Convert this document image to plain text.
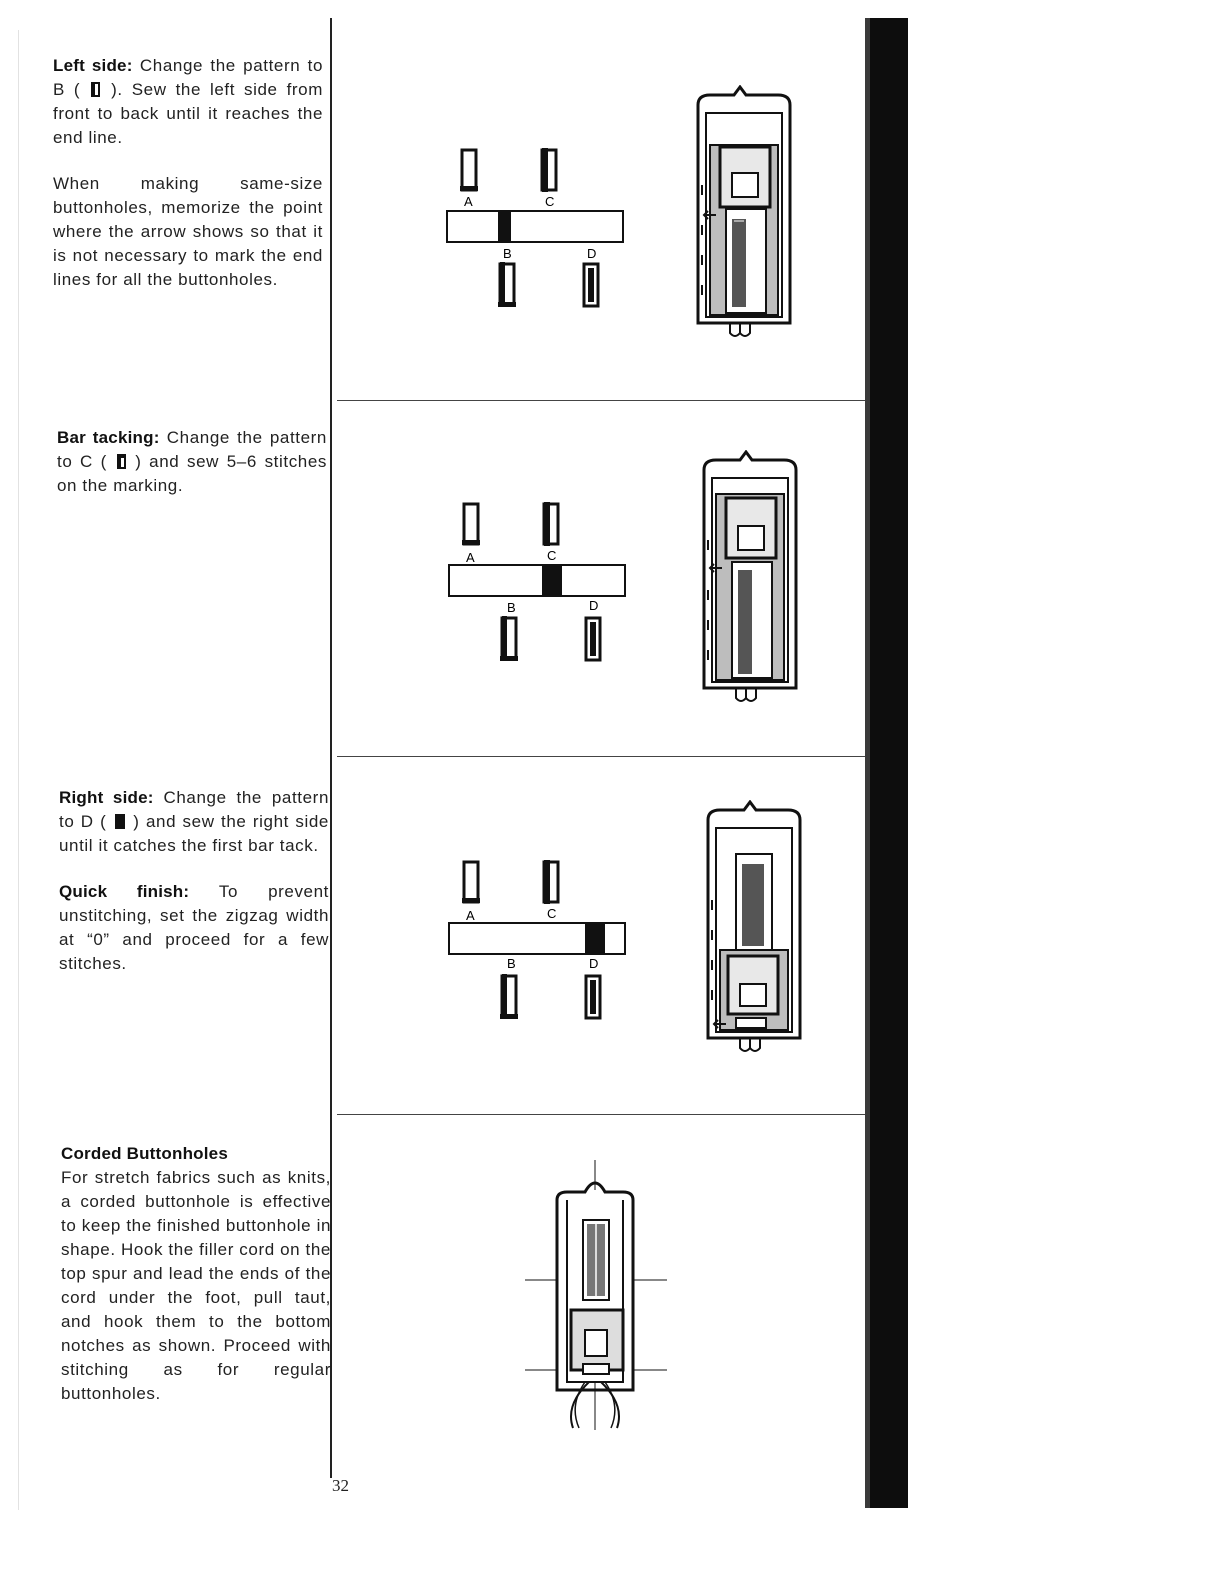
Left side: Change the pattern to B ( ). Sew the left side from front to back until it reaches the end line.

When making same-size buttonholes, memorize the point where the arrow shows so that it is not necessary to mark the end lines for all the buttonholes.

Bar tacking: Change the pattern to C ( ) and sew 5–6 stitches on the marking.

Right side: Change the pattern to D ( ) and sew the right side until it catches the first bar tack.

Quick finish: To prevent unstitching, set the zigzag width at “0” and proceed for a few stitches.

Corded Buttonholes

For stretch fabrics such as knits, a corded buttonhole is effective to keep the finished buttonhole in shape. Hook the filler cord on the top spur and lead the ends of the cord under the foot, pull taut, and hook them to the bottom notches as shown. Proceed with stitching as for regular buttonholes.

32
A	C
B	D
A	C
B	D
A	C
B	D
